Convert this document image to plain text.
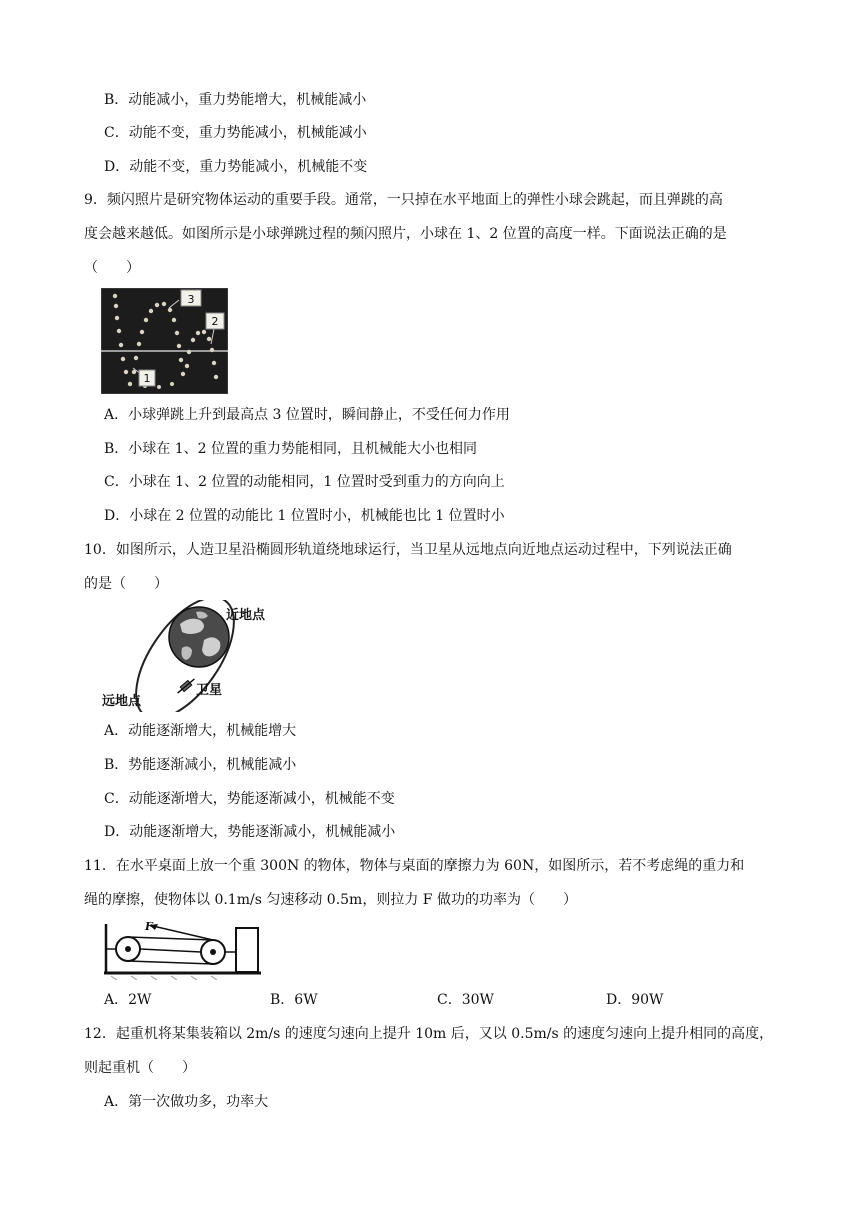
B．动能减小，重力势能增大，机械能减小
C．动能不变，重力势能减小，机械能减小
D．动能不变，重力势能减小，机械能不变
9．频闪照片是研究物体运动的重要手段。通常，一只掉在水平地面上的弹性小球会跳起，而且弹跳的高
度会越来越低。如图所示是小球弹跳过程的频闪照片，小球在 1、2 位置的高度一样。下面说法正确的是
（　　）
3
2
1
A．小球弹跳上升到最高点 3 位置时，瞬间静止，不受任何力作用
B．小球在 1、2 位置的重力势能相同，且机械能大小也相同
C．小球在 1、2 位置的动能相同，1 位置时受到重力的方向向上
D．小球在 2 位置的动能比 1 位置时小，机械能也比 1 位置时小
10．如图所示，人造卫星沿椭圆形轨道绕地球运行，当卫星从远地点向近地点运动过程中，下列说法正确
的是（　　）
近地点
卫星
远地点
A．动能逐渐增大，机械能增大
B．势能逐渐减小，机械能减小
C．动能逐渐增大，势能逐渐减小，机械能不变
D．动能逐渐增大，势能逐渐减小，机械能减小
11．在水平桌面上放一个重 300N 的物体，物体与桌面的摩擦力为 60N，如图所示，若不考虑绳的重力和
绳的摩擦，使物体以 0.1m/s 匀速移动 0.5m，则拉力 F 做功的功率为（　　）
F
A．2W	B．6W	C．30W	D．90W
12．起重机将某集装箱以 2m/s 的速度匀速向上提升 10m 后，又以 0.5m/s 的速度匀速向上提升相同的高度，
则起重机（　　）
A．第一次做功多，功率大
